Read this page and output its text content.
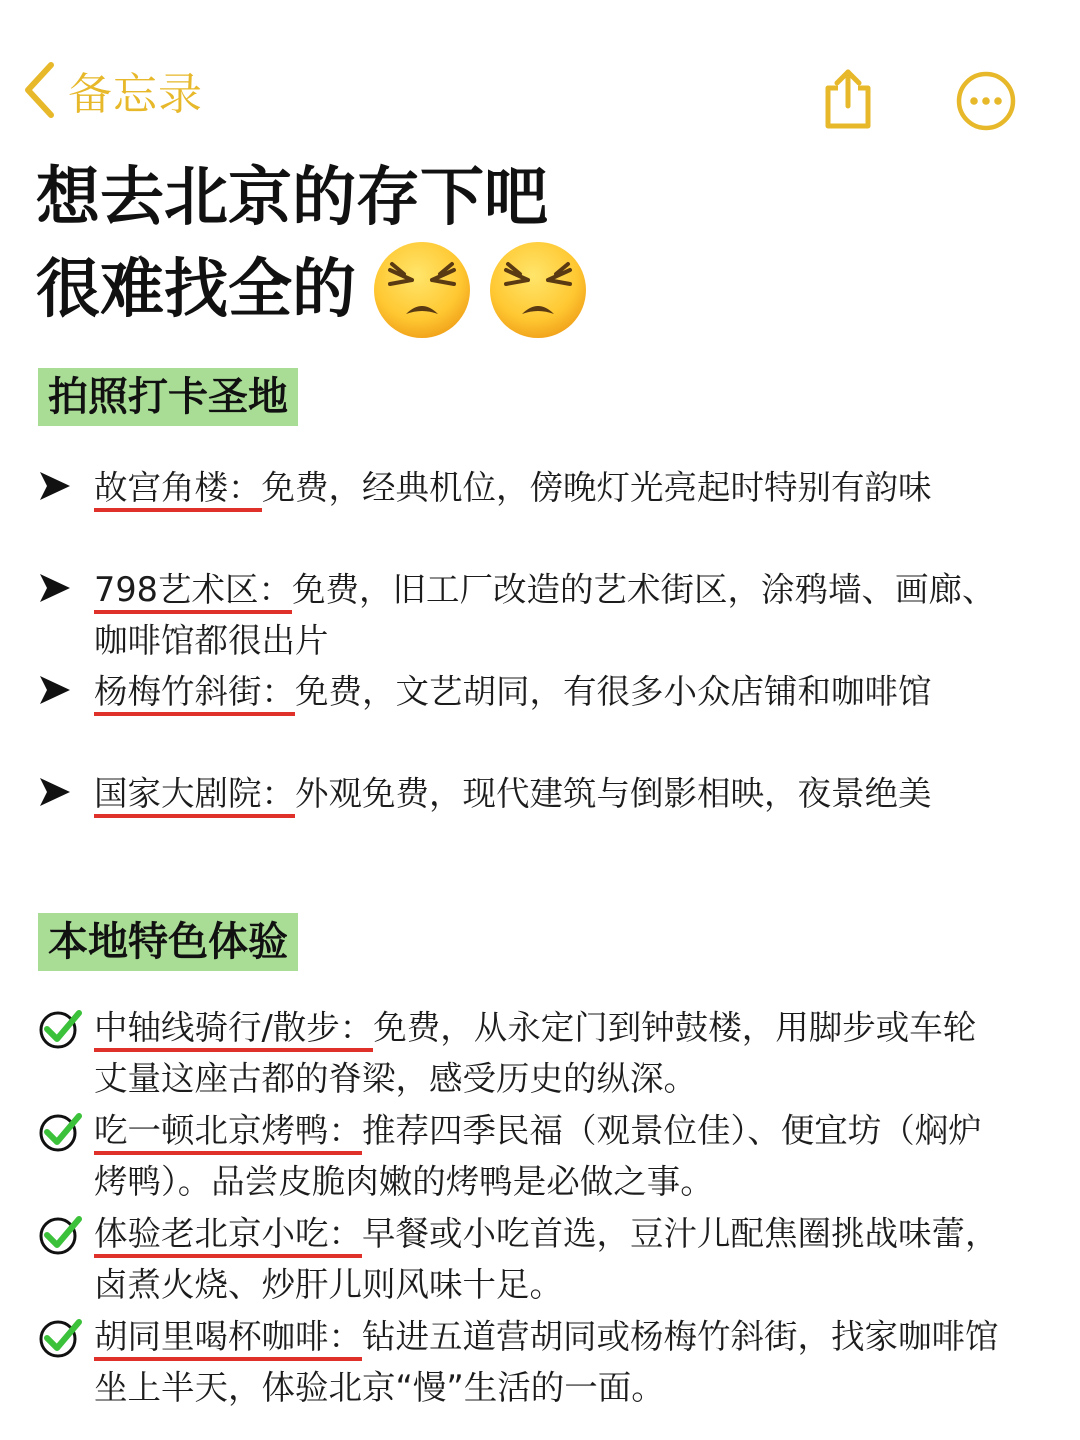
备忘录
想去北京的存下吧
很难找全的
拍照打卡圣地
故宫角楼：免费，经典机位，傍晚灯光亮起时特别有韵味
798艺术区：免费，旧工厂改造的艺术街区，涂鸦墙、画廊、咖啡馆都很出片
杨梅竹斜街：免费，文艺胡同，有很多小众店铺和咖啡馆
国家大剧院：外观免费，现代建筑与倒影相映，夜景绝美
本地特色体验
中轴线骑行/散步：免费，从永定门到钟鼓楼，用脚步或车轮丈量这座古都的脊梁，感受历史的纵深。
吃一顿北京烤鸭：推荐四季民福（观景位佳）、便宜坊（焖炉烤鸭）。品尝皮脆肉嫩的烤鸭是必做之事。
体验老北京小吃：早餐或小吃首选，豆汁儿配焦圈挑战味蕾，卤煮火烧、炒肝儿则风味十足。
胡同里喝杯咖啡：钻进五道营胡同或杨梅竹斜街，找家咖啡馆坐上半天，体验北京“慢”生活的一面。
